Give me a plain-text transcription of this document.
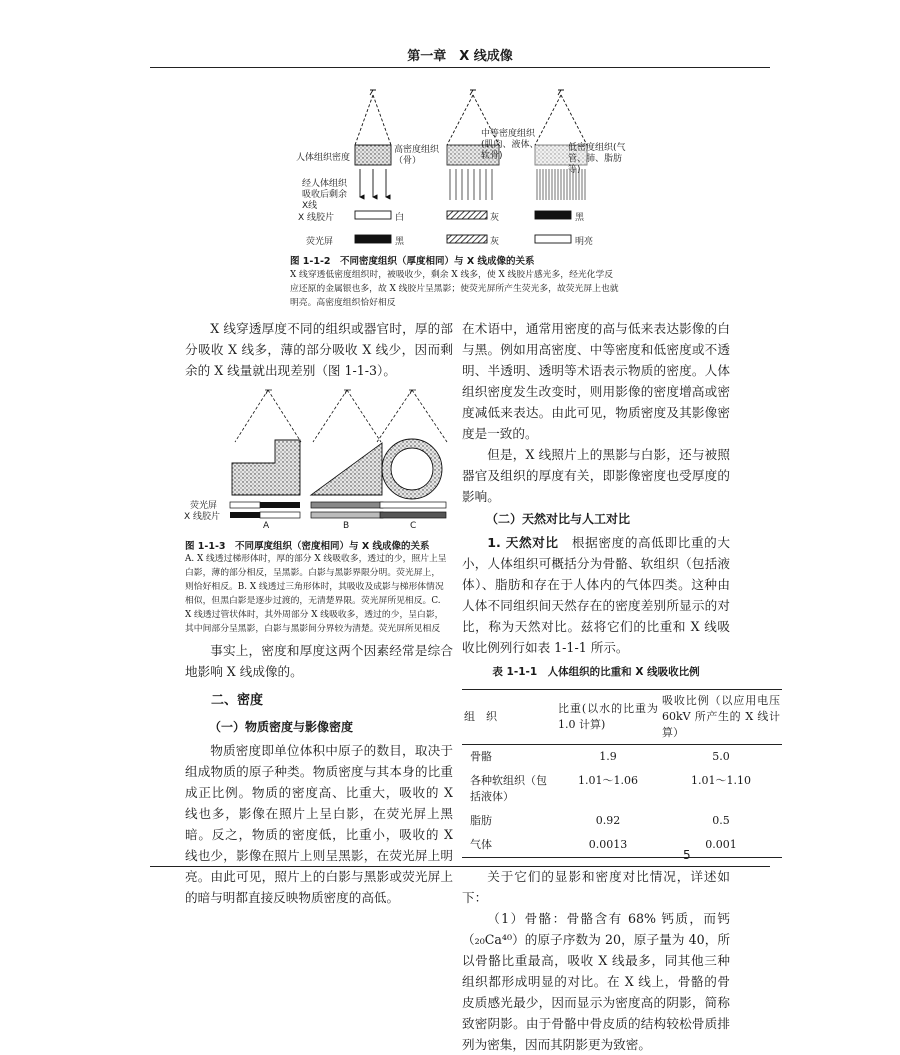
第一章　X 线成像
人体组织密度
高密度组织（骨）
中等密度组织(肌肉、液体、软骨)
低密度组织(气管、肺、脂肪等)
经人体组织吸收后剩余X线
X 线胶片
荧光屏
白	灰	黑
黑	灰	明亮
图 1-1-2　不同密度组织（厚度相同）与 X 线成像的关系
X 线穿透低密度组织时，被吸收少，剩余 X 线多，使 X 线胶片感光多，经光化学反应还原的金属银也多，故 X 线胶片呈黑影；使荧光屏所产生荧光多，故荧光屏上也就明亮。高密度组织恰好相反

X 线穿透厚度不同的组织或器官时，厚的部分吸收 X 线多，薄的部分吸收 X 线少，因而剩余的 X 线量就出现差别（图 1-1-3）。

荧光屏
X 线胶片
A	B	C
图 1-1-3　不同厚度组织（密度相同）与 X 线成像的关系
A. X 线透过梯形体时，厚的部分 X 线吸收多，透过的少，照片上呈白影，薄的部分相反，呈黑影。白影与黑影界限分明。荧光屏上，则恰好相反。B. X 线透过三角形体时，其吸收及成影与梯形体情况相似，但黑白影是逐步过渡的，无清楚界限。荧光屏所见相反。C. X 线透过管状体时，其外周部分 X 线吸收多，透过的少，呈白影，其中间部分呈黑影，白影与黑影间分界较为清楚。荧光屏所见相反

事实上，密度和厚度这两个因素经常是综合地影响 X 线成像的。

二、密度
（一）物质密度与影像密度

物质密度即单位体积中原子的数目，取决于组成物质的原子种类。物质密度与其本身的比重成正比例。物质的密度高、比重大，吸收的 X 线也多，影像在照片上呈白影，在荧光屏上黑暗。反之，物质的密度低，比重小，吸收的 X 线也少，影像在照片上则呈黑影，在荧光屏上明亮。由此可见，照片上的白影与黑影或荧光屏上的暗与明都直接反映物质密度的高低。

在术语中，通常用密度的高与低来表达影像的白与黑。例如用高密度、中等密度和低密度或不透明、半透明、透明等术语表示物质的密度。人体组织密度发生改变时，则用影像的密度增高或密度减低来表达。由此可见，物质密度及其影像密度是一致的。

但是，X 线照片上的黑影与白影，还与被照器官及组织的厚度有关，即影像密度也受厚度的影响。

（二）天然对比与人工对比

1. 天然对比　 根据密度的高低即比重的大小，人体组织可概括分为骨骼、软组织（包括液体）、脂肪和存在于人体内的气体四类。这种由人体不同组织间天然存在的密度差别所显示的对比，称为天然对比。兹将它们的比重和 X 线吸收比例列行如表 1-1-1 所示。

表 1-1-1　人体组织的比重和 X 线吸收比例
组　织	比重(以水的比重为 1.0 计算)	吸收比例（以应用电压 60kV 所产生的 X 线计算）
骨骼	1.9	5.0
各种软组织（包括液体）	1.01～1.06	1.01～1.10
脂肪	0.92	0.5
气体	0.0013	0.001

关于它们的显影和密度对比情况，详述如下：

（1）骨骼：骨骼含有 68% 钙质，而钙（₂₀Ca⁴⁰）的原子序数为 20，原子量为 40，所以骨骼比重最高，吸收 X 线最多，同其他三种组织都形成明显的对比。在 X 线上，骨骼的骨皮质感光最少，因而显示为密度高的阴影，简称致密阴影。由于骨骼中骨皮质的结构较松骨质排列为密集，因而其阴影更为致密。

5
